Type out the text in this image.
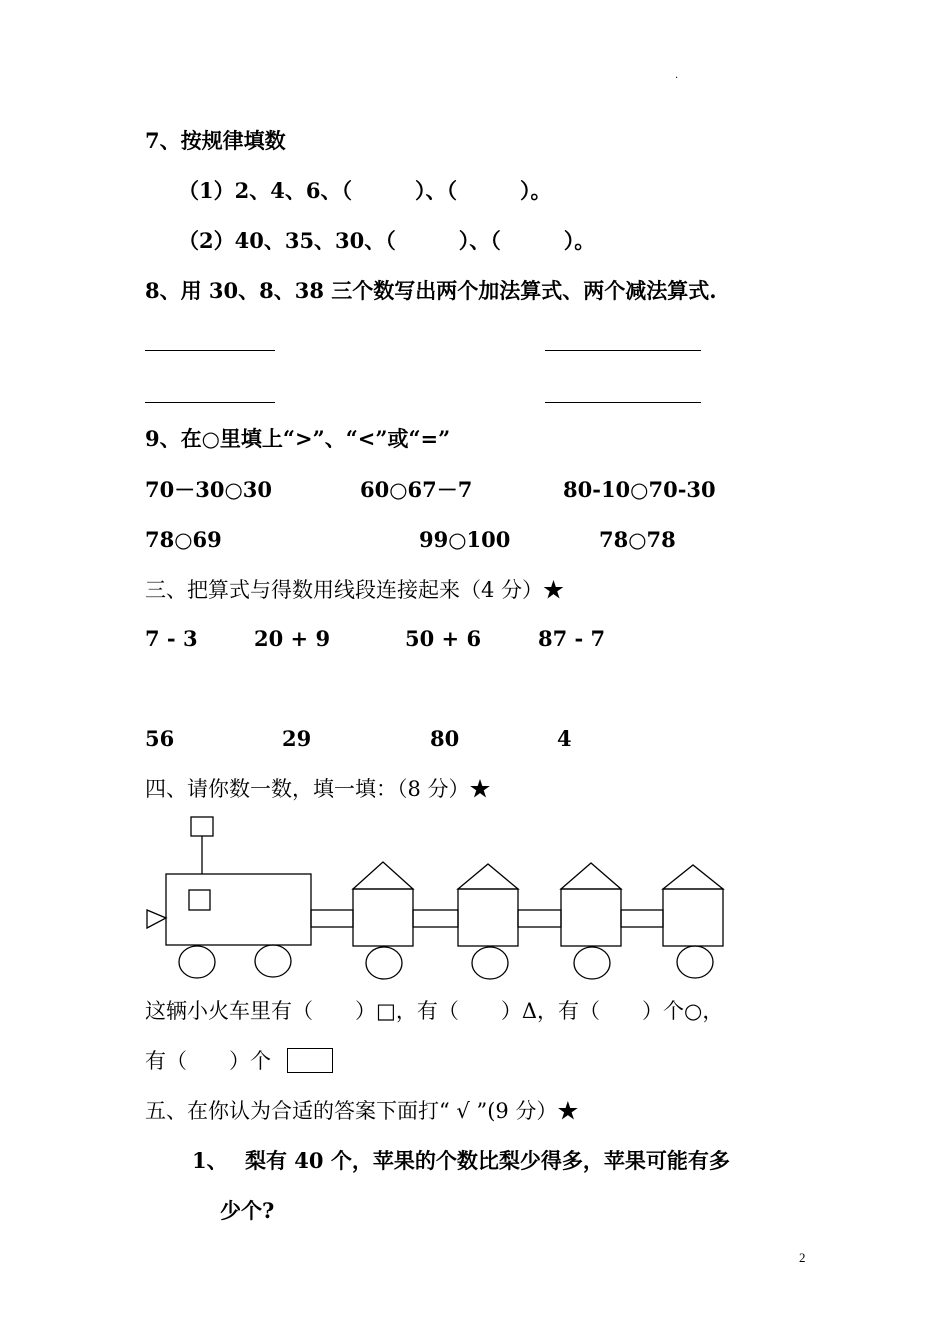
.
7、按规律填数
（1）2、4、6、（　　　）、（　　　）。
（2）40、35、30、（　　　）、（　　　）。
8、用 30、8、38 三个数写出两个加法算式、两个减法算式.
9、在○里填上“>”、“<”或“=”
70－30○30	60○67－7	80-10○70-30
78○69	99○100	78○78
三、把算式与得数用线段连接起来（4 分）★
7 - 3	20 + 9	50 + 6	87 - 7
56	29	80	4
四、请你数一数，填一填：（8 分）★
这辆小火车里有（　　）□，有（　　）Δ，有（　　）个○，
有（　　）个
五、在你认为合适的答案下面打“ √ ”(9 分）★
1、 梨有 40 个，苹果的个数比梨少得多，苹果可能有多
少个?
2
